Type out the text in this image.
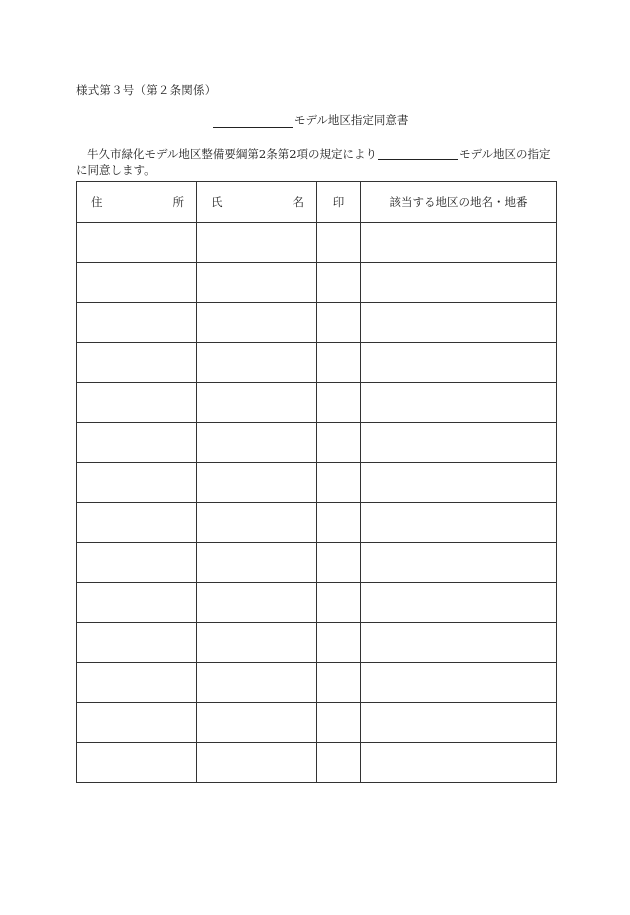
様式第３号（第２条関係）
モデル地区指定同意書
牛久市緑化モデル地区整備要綱第2条第2項の規定により	モデル地区の指定に同意します。
住 所	氏 名	印	該当する地区の地名・地番
